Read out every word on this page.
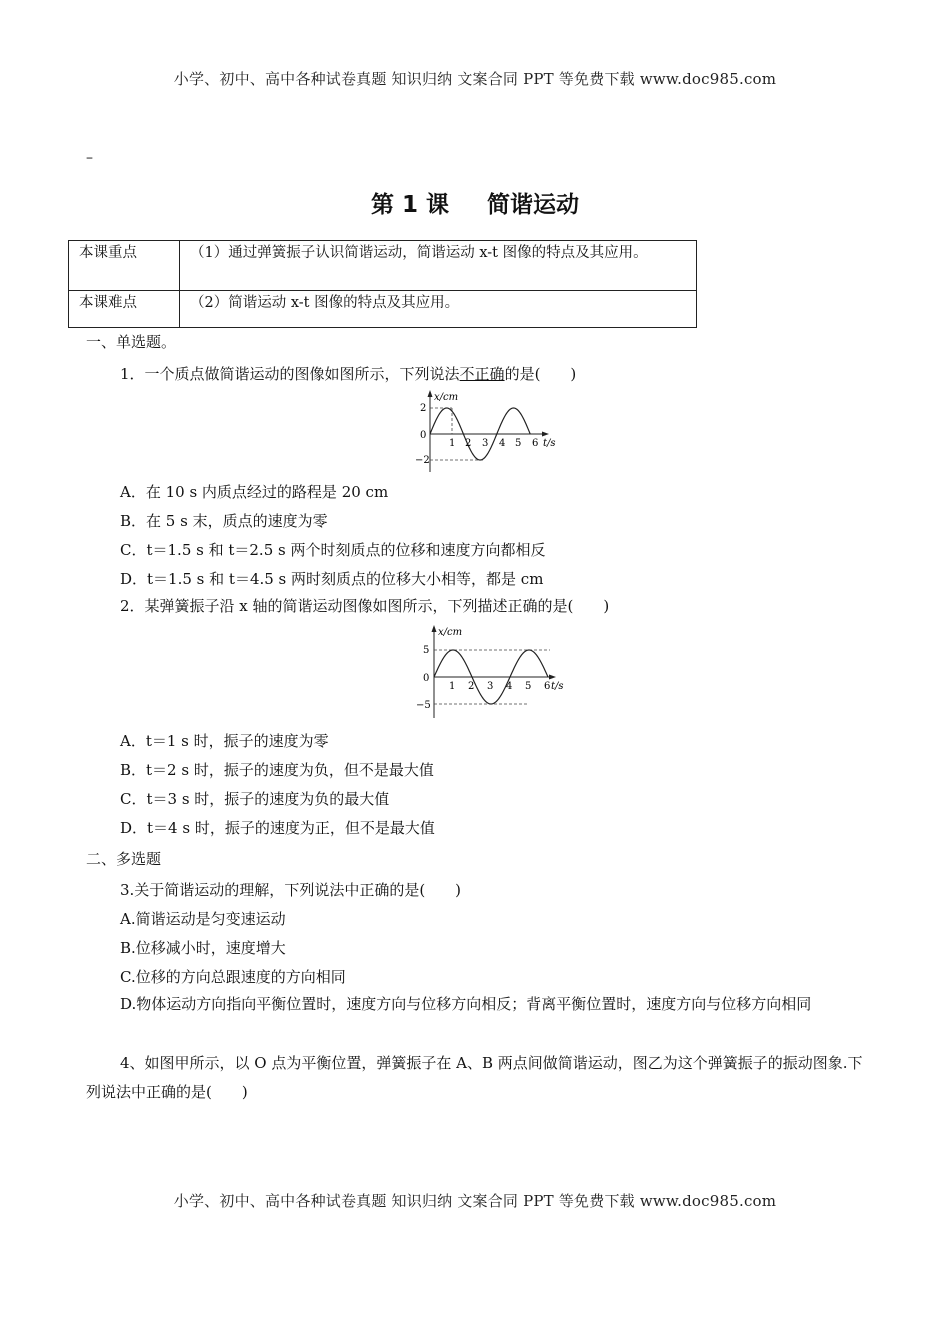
小学、初中、高中各种试卷真题 知识归纳 文案合同 PPT 等免费下载 www.doc985.com
–
第 1 课 简谐运动
本课重点	（1）通过弹簧振子认识简谐运动，简谐运动 x-t 图像的特点及其应用。
本课难点	（2）简谐运动 x-t 图像的特点及其应用。
一、单选题。
1．一个质点做简谐运动的图像如图所示，下列说法不正确的是(　　)
x/cm
t/s
0
2
−2
1 2 3 4 5 6
A．在 10 s 内质点经过的路程是 20 cm
B．在 5 s 末，质点的速度为零
C．t＝1.5 s 和 t＝2.5 s 两个时刻质点的位移和速度方向都相反
D．t＝1.5 s 和 t＝4.5 s 两时刻质点的位移大小相等，都是 cm
2．某弹簧振子沿 x 轴的简谐运动图像如图所示，下列描述正确的是(　　)
x/cm
t/s
0
5
−5
1 2 3 4 5 6
A．t＝1 s 时，振子的速度为零
B．t＝2 s 时，振子的速度为负，但不是最大值
C．t＝3 s 时，振子的速度为负的最大值
D．t＝4 s 时，振子的速度为正，但不是最大值
二、多选题
3.关于简谐运动的理解，下列说法中正确的是(　　)
A.简谐运动是匀变速运动
B.位移减小时，速度增大
C.位移的方向总跟速度的方向相同
D.物体运动方向指向平衡位置时，速度方向与位移方向相反；背离平衡位置时，速度方向与位移方向相同
4、如图甲所示，以 O 点为平衡位置，弹簧振子在 A、B 两点间做简谐运动，图乙为这个弹簧振子的振动图象.下列说法中正确的是(　　)
小学、初中、高中各种试卷真题 知识归纳 文案合同 PPT 等免费下载 www.doc985.com
